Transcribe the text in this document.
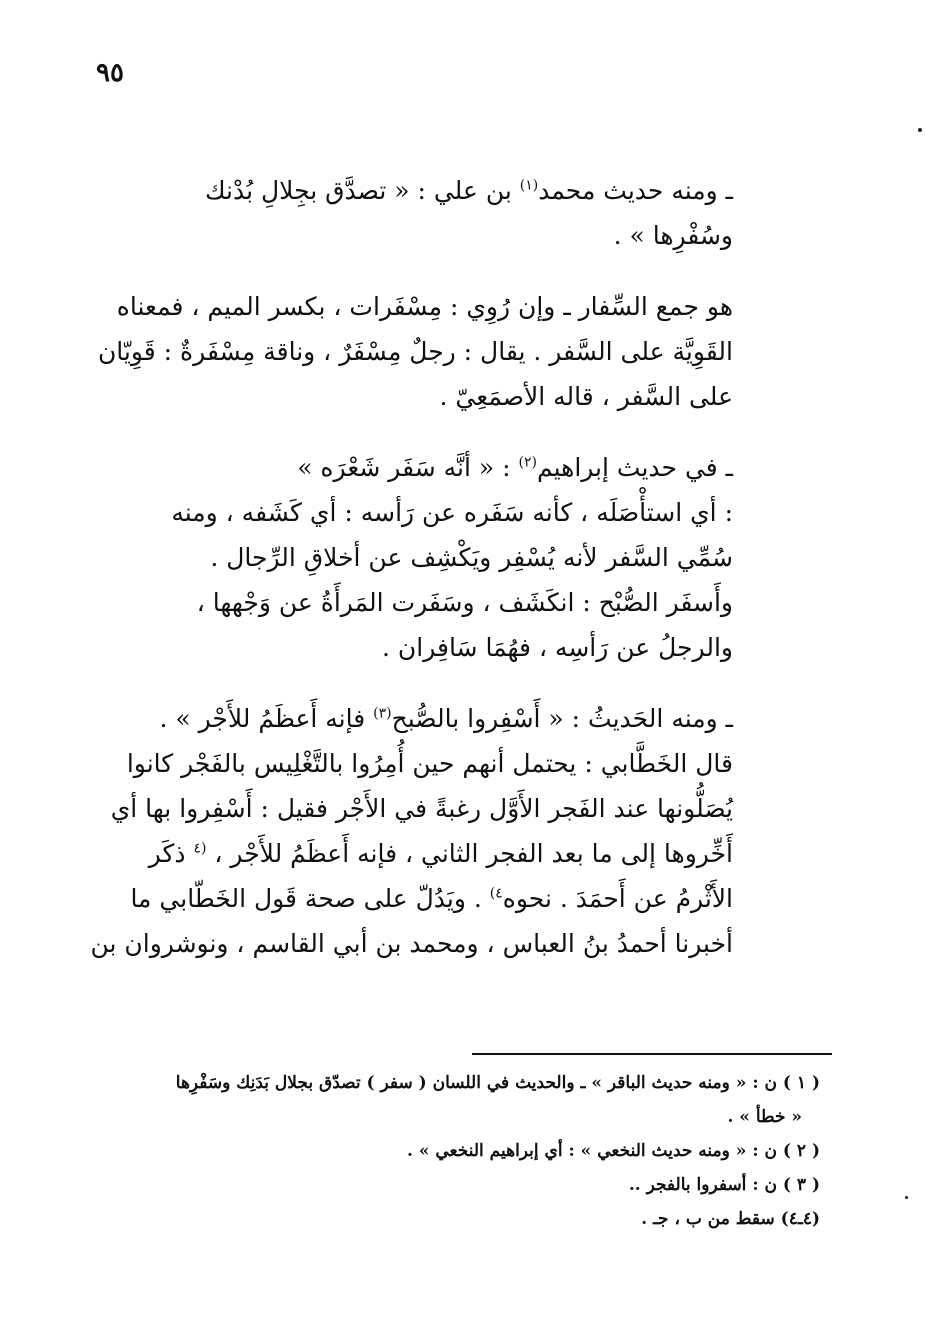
٩٥
ـ ومنه حديث محمد$^{(١)}$ بن علي : « تصدَّق بجِلالِ بُدْنك
وسُفْرِها » .
هو جمع السِّفار ـ وإن رُوِي : مِسْفَرات ، بكسر الميم ، فمعناه
القَوِيَّة على السَّفر . يقال : رجلٌ مِسْفَرٌ ، وناقة مِسْفَرةٌ : قَوِيّان
على السَّفر ، قاله الأصمَعِيّ .
ـ في حديث إبراهيم$^{(٢)}$ : « أنَّه سَفَر شَعْرَه »
: أي استأْصَلَه ، كأنه سَفَره عن رَأسه : أي كَشَفه ، ومنه
سُمِّي السَّفر لأنه يُسْفِر ويَكْشِف عن أخلاقِ الرِّجال .
وأَسفَر الصُّبْح : انكَشَف ، وسَفَرت المَرأَةُ عن وَجْهها ،
والرجلُ عن رَأسِه ، فهُمَا سَافِران .
ـ ومنه الحَديثُ : « أَسْفِروا بالصُّبح$^{(٣)}$ فإنه أَعظَمُ للأَجْر » .
قال الخَطَّابي : يحتمل أنهم حين أُمِرُوا بالتَّغْلِيس بالفَجْر كانوا
يُصَلُّونها عند الفَجر الأَوَّل رغبةً في الأَجْر فقيل : أَسْفِروا بها أي
أَخِّروها إلى ما بعد الفجر الثاني ، فإنه أَعظَمُ للأَجْر ، $^{(٤}$ ذكَر
الأَثْرمُ عن أَحمَدَ . نحوه$^{٤)}$ . ويَدُلّ على صحة قَول الخَطّابي ما
أخبرنا أحمدُ بنُ العباس ، ومحمد بن أبي القاسم ، ونوشروان بن
( ١ ) ن : « ومنه حديث الباقر » ـ والحديث في اللسان ( سفر ) تصدّق بجلال بَدَنِك وسَفْرِها
« خطأ » .
( ٢ ) ن : « ومنه حديث النخعي » : أي إبراهيم النخعي » .
( ٣ ) ن : أسفروا بالفجر ..
(٤ـ٤) سقط من ب ، جـ .
